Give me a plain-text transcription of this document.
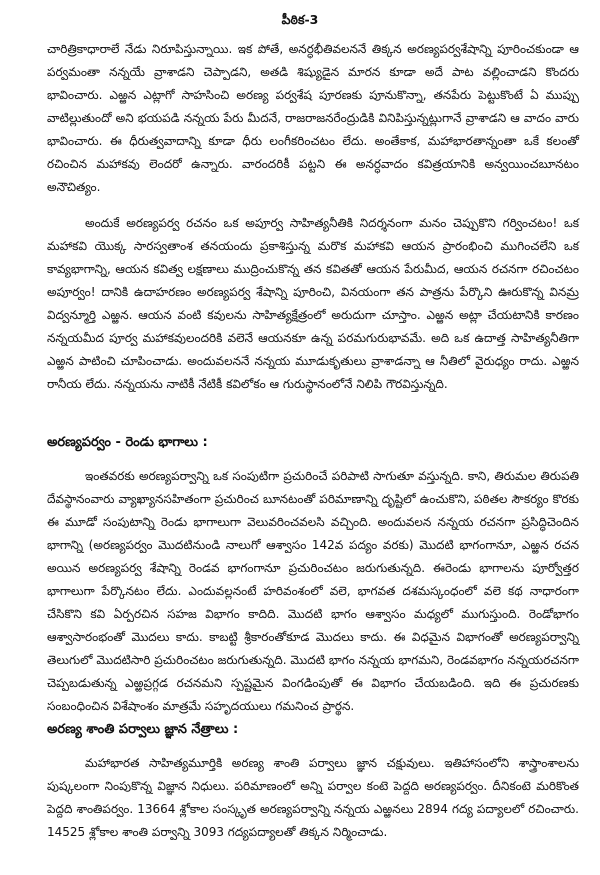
పీఠిక-3
చారిత్రికాధారాలే నేడు నిరూపిస్తున్నాయి. ఇక పోతే, అనర్ధభీతివలననే తిక్కన అరణ్యపర్వశేషాన్ని పూరించకుండా ఆ పర్వమంతా నన్నయే వ్రాశాడని చెప్పాడని, అతడి శిష్యుడైన మారన కూడా అదే పాట వల్లించాడని కొందరు భావించారు. ఎఱ్ఱన ఎట్లాగో సాహసించి అరణ్య పర్వశేష పూరణకు పూనుకొన్నా, తనపేరు పెట్టుకొంటే ఏ ముప్పు వాటిల్లుతుందో అని భయపడి నన్నయ పేరు మీదనే, రాజరాజనరేంద్రుడికి వినిపిస్తున్నట్లుగానే వ్రాశాడని ఆ వాదం వారు భావించారు. ఈ ధీరుత్వవాదాన్ని కూడా ధీరు లంగీకరించటం లేదు. అంతేకాక, మహాభారతాన్నంతా ఒకే కలంతో రచించిన మహాకవు లెందరో ఉన్నారు. వారందరికీ పట్టని ఈ అనర్ధవాదం కవిత్రయానికి అన్వయించబూనటం అనౌచిత్యం.
అందుకే అరణ్యపర్వ రచనం ఒక అపూర్వ సాహిత్యనీతికి నిదర్శనంగా మనం చెప్పుకొని గర్వించటం! ఒక మహాకవి యొక్క సారస్వతాంశ తనయందు ప్రకాశిస్తున్న మరొక మహాకవి ఆయన ప్రారంభించి ముగించలేని ఒక కావ్యభాగాన్ని, ఆయన కవిత్వ లక్షణాలు ముద్రించుకొన్న తన కవితతో ఆయన పేరుమీద, ఆయన రచనగా రచించటం అపూర్వం! దానికి ఉదాహరణం అరణ్యపర్వ శేషాన్ని పూరించి, వినయంగా తన పాత్రను పేర్కొని ఊరుకొన్న వినమ్ర విద్వన్మూర్తి ఎఱ్ఱన. ఆయన వంటి కవులను సాహిత్యక్షేత్రంలో అరుదుగా చూస్తాం. ఎఱ్ఱన అట్లా చేయటానికి కారణం నన్నయమీద పూర్వ మహాకవులందరికి వలెనే ఆయనకూ ఉన్న పరమగురుభావమే. అది ఒక ఉదాత్త సాహిత్యనీతిగా ఎఱ్ఱన పాటించి చూపించాడు. అందువలననే నన్నయ మూడుకృతులు వ్రాశాడన్నా ఆ నీతిలో వైరుధ్యం రాదు. ఎఱ్ఱన రానీయ లేదు. నన్నయను నాటికీ నేటికీ కవిలోకం ఆ గురుస్థానంలోనే నిలిపి గౌరవిస్తున్నది.
అరణ్యపర్వం - రెండు భాగాలు :
ఇంతవరకు అరణ్యపర్వాన్ని ఒక సంపుటిగా ప్రచురించే పరిపాటి సాగుతూ వస్తున్నది. కాని, తిరుమల తిరుపతి దేవస్థానంవారు వ్యాఖ్యానసహితంగా ప్రచురించ బూనటంతో పరిమాణాన్ని దృష్టిలో ఉంచుకొని, పఠితల సౌకర్యం కొరకు ఈ మూడో సంపుటాన్ని రెండు భాగాలుగా వెలువరించవలసి వచ్చింది. అందువలన నన్నయ రచనగా ప్రసిద్ధిచెందిన భాగాన్ని (అరణ్యపర్వం మొదటినుండి నాలుగో ఆశ్వాసం 142వ పద్యం వరకు) మొదటి భాగంగానూ, ఎఱ్ఱన రచన అయిన అరణ్యపర్వ శేషాన్ని రెండవ భాగంగానూ ప్రచురించటం జరుగుతున్నది. ఈరెండు భాగాలను పూర్వోత్తర భాగాలుగా పేర్కొనటం లేదు. ఎందువల్లనంటే హరివంశంలో వలె, భాగవత దశమస్కంధంలో వలె కథ నాధారంగా చేసికొని కవి ఏర్పరచిన సహజ విభాగం కాదిది. మొదటి భాగం ఆశ్వాసం మధ్యలో ముగుస్తుంది. రెండోభాగం ఆశ్వాసారంభంతో మొదలు కాదు. కాబట్టి శ్రీకారంతోకూడ మొదలు కాదు. ఈ విధమైన విభాగంతో అరణ్యపర్వాన్ని తెలుగులో మొదటిసారి ప్రచురించటం జరుగుతున్నది. మొదటి భాగం నన్నయ భాగమని, రెండవభాగం నన్నయరచనగా చెప్పబడుతున్న ఎఱ్ఱప్రగ్గడ రచనమని స్పష్టమైన వింగడింపుతో ఈ విభాగం చేయబడింది. ఇది ఈ ప్రచురణకు సంబంధించిన విశేషాంశం మాత్రమే సహృదయులు గమనించ ప్రార్థన.
అరణ్య శాంతి పర్వాలు జ్ఞాన నేత్రాలు :
మహాభారత సాహిత్యమూర్తికి అరణ్య శాంతి పర్వాలు జ్ఞాన చక్షువులు. ఇతిహాసంలోని శాస్త్రాంశాలను పుష్కలంగా నింపుకొన్న విజ్ఞాన నిధులు. పరిమాణంలో అన్ని పర్వాల కంటె పెద్దది అరణ్యపర్వం. దీనికంటె మరికొంత పెద్దది శాంతిపర్వం. 13664 శ్లోకాల సంస్కృత అరణ్యపర్వాన్ని నన్నయ ఎఱ్ఱనలు 2894 గద్య పద్యాలలో రచించారు. 14525 శ్లోకాల శాంతి పర్వాన్ని 3093 గద్యపద్యాలతో తిక్కన నిర్మించాడు.
